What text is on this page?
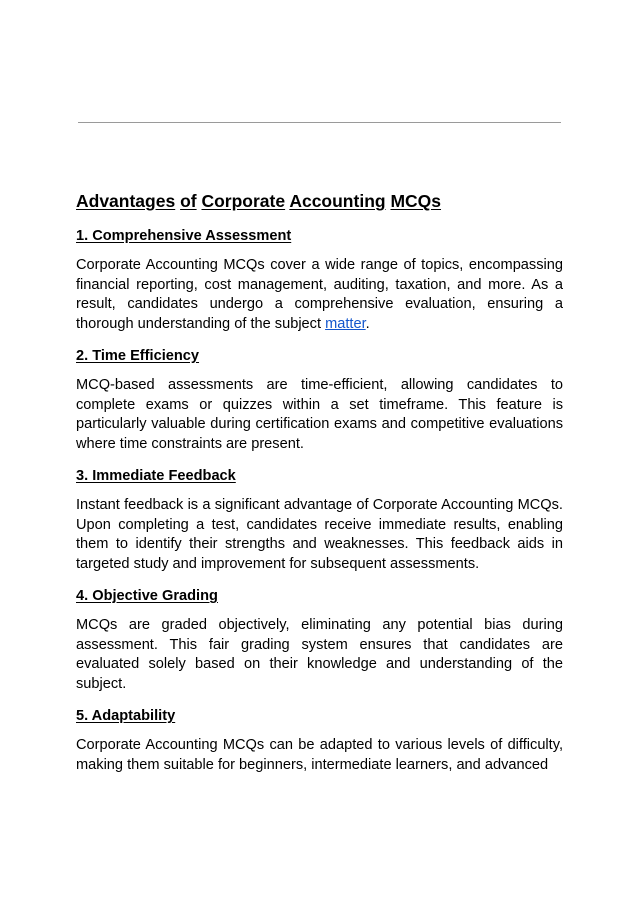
Advantages of Corporate Accounting MCQs
1. Comprehensive Assessment

Corporate Accounting MCQs cover a wide range of topics, encompassing financial reporting, cost management, auditing, taxation, and more. As a result, candidates undergo a comprehensive evaluation, ensuring a thorough understanding of the subject matter.

2. Time Efficiency

MCQ-based assessments are time-efficient, allowing candidates to complete exams or quizzes within a set timeframe. This feature is particularly valuable during certification exams and competitive evaluations where time constraints are present.

3. Immediate Feedback

Instant feedback is a significant advantage of Corporate Accounting MCQs. Upon completing a test, candidates receive immediate results, enabling them to identify their strengths and weaknesses. This feedback aids in targeted study and improvement for subsequent assessments.

4. Objective Grading

MCQs are graded objectively, eliminating any potential bias during assessment. This fair grading system ensures that candidates are evaluated solely based on their knowledge and understanding of the subject.

5. Adaptability

Corporate Accounting MCQs can be adapted to various levels of difficulty, making them suitable for beginners, intermediate learners, and advanced
